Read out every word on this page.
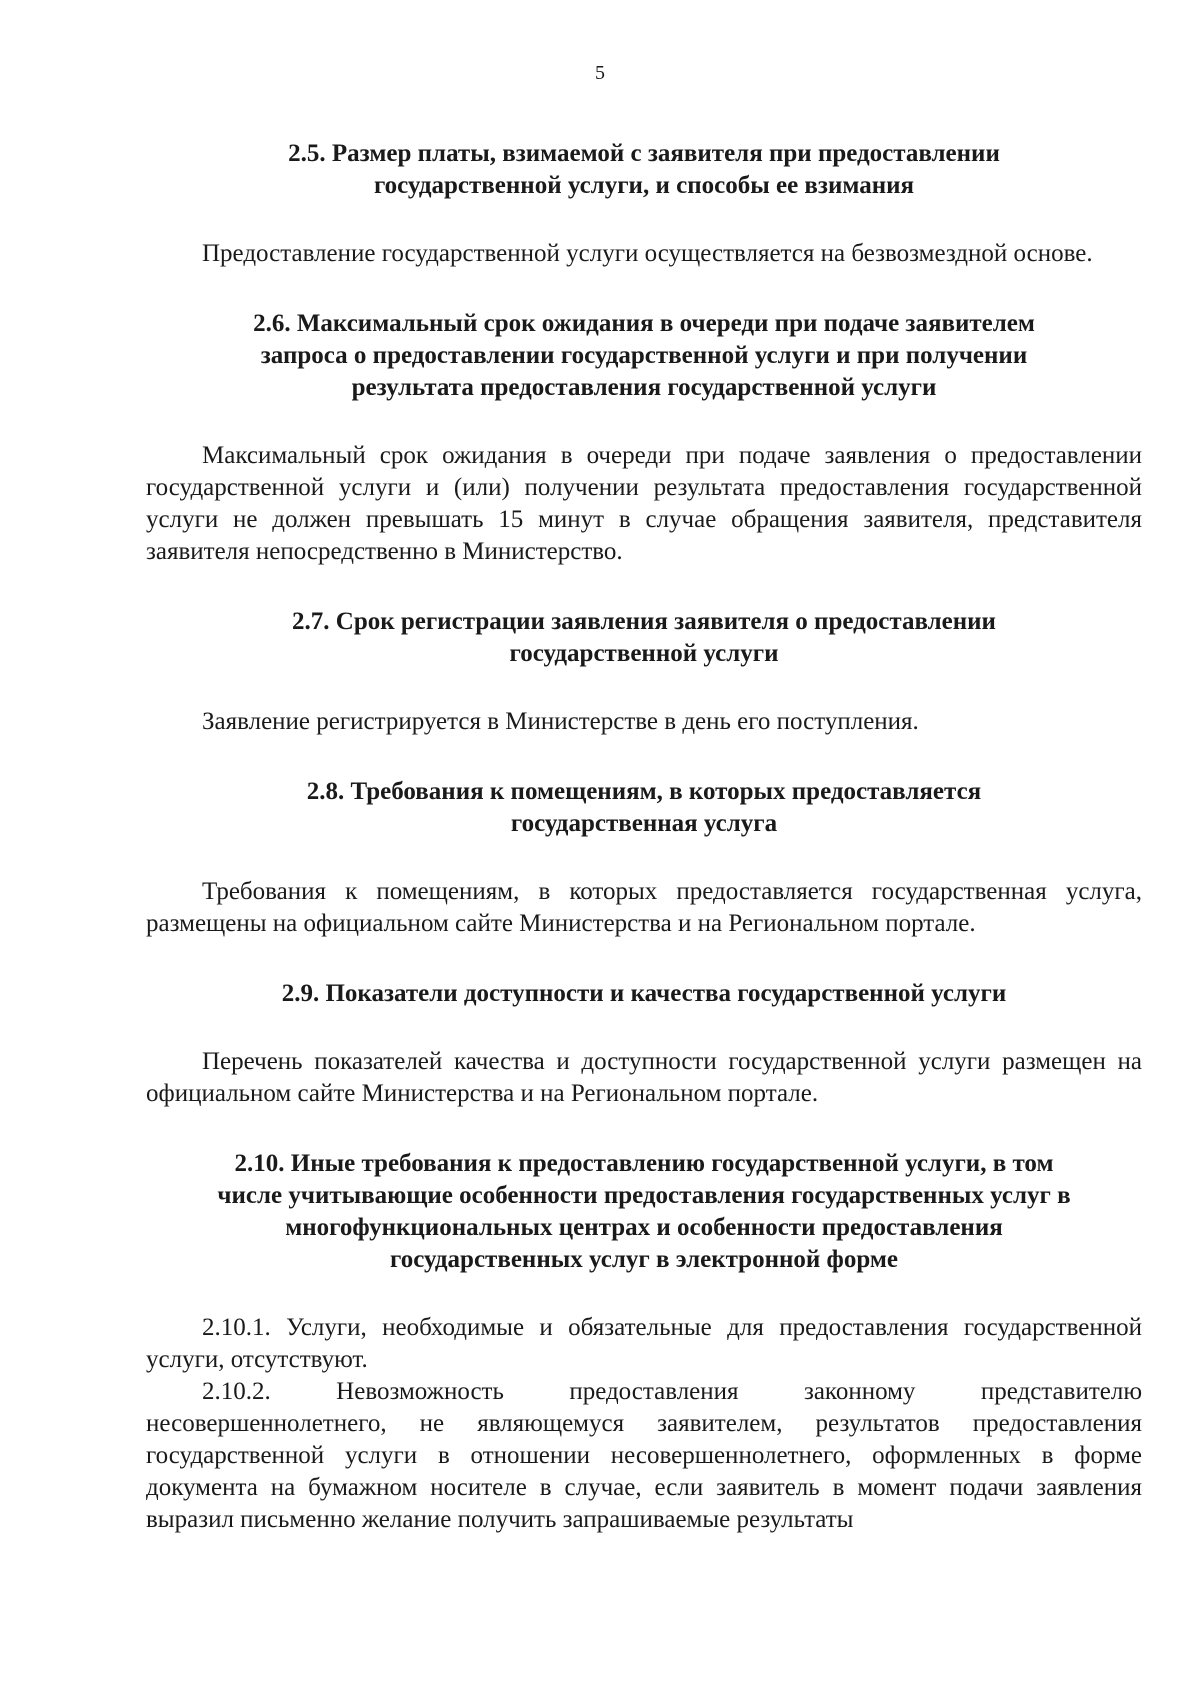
5

2.5. Размер платы, взимаемой с заявителя при предоставлении
государственной услуги, и способы ее взимания

Предоставление государственной услуги осуществляется на безвозмездной основе.

2.6. Максимальный срок ожидания в очереди при подаче заявителем
запроса о предоставлении государственной услуги и при получении
результата предоставления государственной услуги

Максимальный срок ожидания в очереди при подаче заявления о предоставлении государственной услуги и (или) получении результата предоставления государственной услуги не должен превышать 15 минут в случае обращения заявителя, представителя заявителя непосредственно в Министерство.

2.7. Срок регистрации заявления заявителя о предоставлении
государственной услуги

Заявление регистрируется в Министерстве в день его поступления.

2.8. Требования к помещениям, в которых предоставляется
государственная услуга

Требования к помещениям, в которых предоставляется государственная услуга, размещены на официальном сайте Министерства и на Региональном портале.

2.9. Показатели доступности и качества государственной услуги

Перечень показателей качества и доступности государственной услуги размещен на официальном сайте Министерства и на Региональном портале.

2.10. Иные требования к предоставлению государственной услуги, в том
числе учитывающие особенности предоставления государственных услуг в
многофункциональных центрах и особенности предоставления
государственных услуг в электронной форме

2.10.1. Услуги, необходимые и обязательные для предоставления государственной услуги, отсутствуют.

2.10.2. Невозможность предоставления законному представителю несовершеннолетнего, не являющемуся заявителем, результатов предоставления государственной услуги в отношении несовершеннолетнего, оформленных в форме документа на бумажном носителе в случае, если заявитель в момент подачи заявления выразил письменно желание получить запрашиваемые результаты
